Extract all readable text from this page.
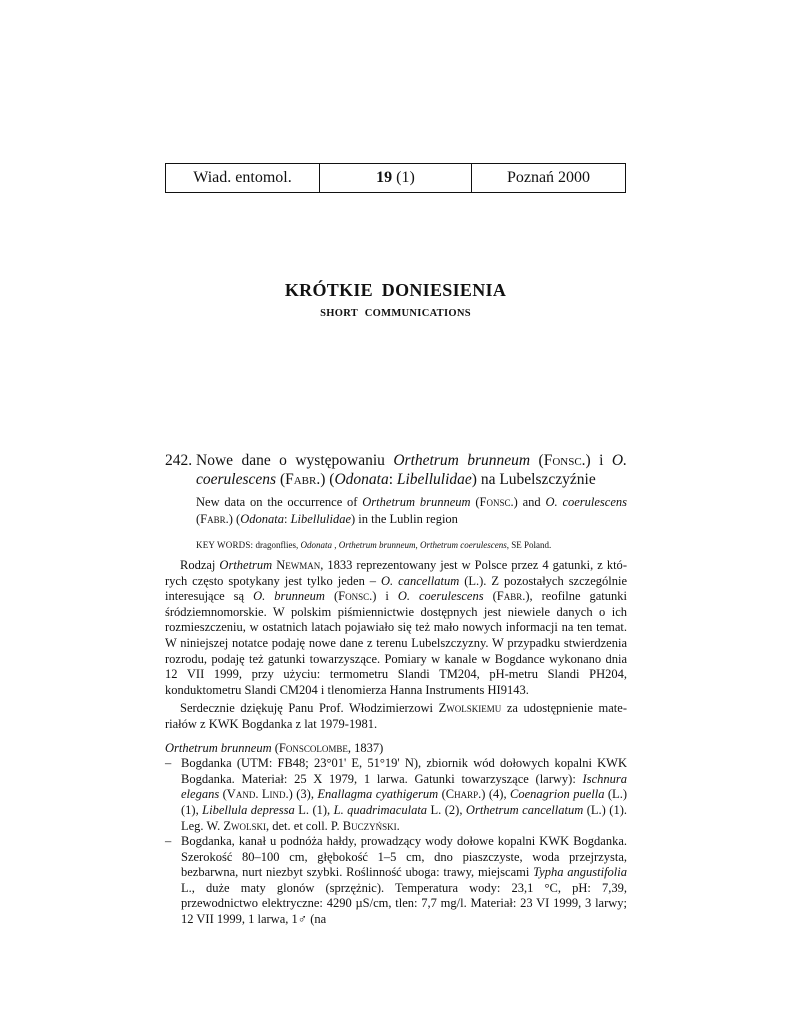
Wiad. entomol.	19
(1)	Poznań 2000
KRÓTKIE DONIESIENIA
SHORT COMMUNICATIONS
242. Nowe dane o występowaniu Orthetrum brunneum (Fonsc.) i O. coerulescens (Fabr.) (Odonata: Libellulidae) na Lubelszczyźnie
New data on the occurrence of Orthetrum brunneum (Fonsc.) and O. coerulescens (Fabr.) (Odonata: Libellulidae) in the Lublin region
KEY WORDS: dragonflies, Odonata , Orthetrum brunneum, Orthetrum coerulescens, SE Poland.
Rodzaj Orthetrum Newman, 1833 reprezentowany jest w Polsce przez 4 gatunki, z których często spotykany jest tylko jeden – O. cancellatum (L.). Z pozostałych szczególnie interesujące są O. brunneum (Fonsc.) i O. coerulescens (Fabr.), reofilne gatunki śródziemnomorskie. W polskim piśmiennictwie dostępnych jest niewiele danych o ich rozmieszczeniu, w ostatnich latach pojawiało się też mało nowych informacji na ten temat. W niniejszej notatce podaję nowe dane z terenu Lubelszczyzny. W przypadku stwierdzenia rozrodu, podaję też gatunki towarzyszące. Pomiary w kanale w Bogdance wykonano dnia 12 VII 1999, przy użyciu: termometru Slandi TM204, pH-metru Slandi PH204, konduktometru Slandi CM204 i tlenomierza Hanna Instruments HI9143.
Serdecznie dziękuję Panu Prof. Włodzimierzowi Zwolskiemu za udostępnienie materiałów z KWK Bogdanka z lat 1979-1981.
Orthetrum brunneum (Fonscolombe, 1837)
– Bogdanka (UTM: FB48; 23°01' E, 51°19' N), zbiornik wód dołowych kopalni KWK Bogdanka. Materiał: 25 X 1979, 1 larwa. Gatunki towarzyszące (larwy): Ischnura elegans (Vand. Lind.) (3), Enallagma cyathigerum (Charp.) (4), Coenagrion puella (L.) (1), Libellula depressa L. (1), L. quadrimaculata L. (2), Orthetrum cancellatum (L.) (1). Leg. W. Zwolski, det. et coll. P. Buczyński.
– Bogdanka, kanał u podnóża hałdy, prowadzący wody dołowe kopalni KWK Bogdanka. Szerokość 80–100 cm, głębokość 1–5 cm, dno piaszczyste, woda przejrzysta, bezbarwna, nurt niezbyt szybki. Roślinność uboga: trawy, miejscami Typha angustifolia L., duże maty glonów (sprzężnic). Temperatura wody: 23,1 °C, pH: 7,39, przewodnictwo elektryczne: 4290 µS/cm, tlen: 7,7 mg/l. Materiał: 23 VI 1999, 3 larwy; 12 VII 1999, 1 larwa, 1♂ (na
